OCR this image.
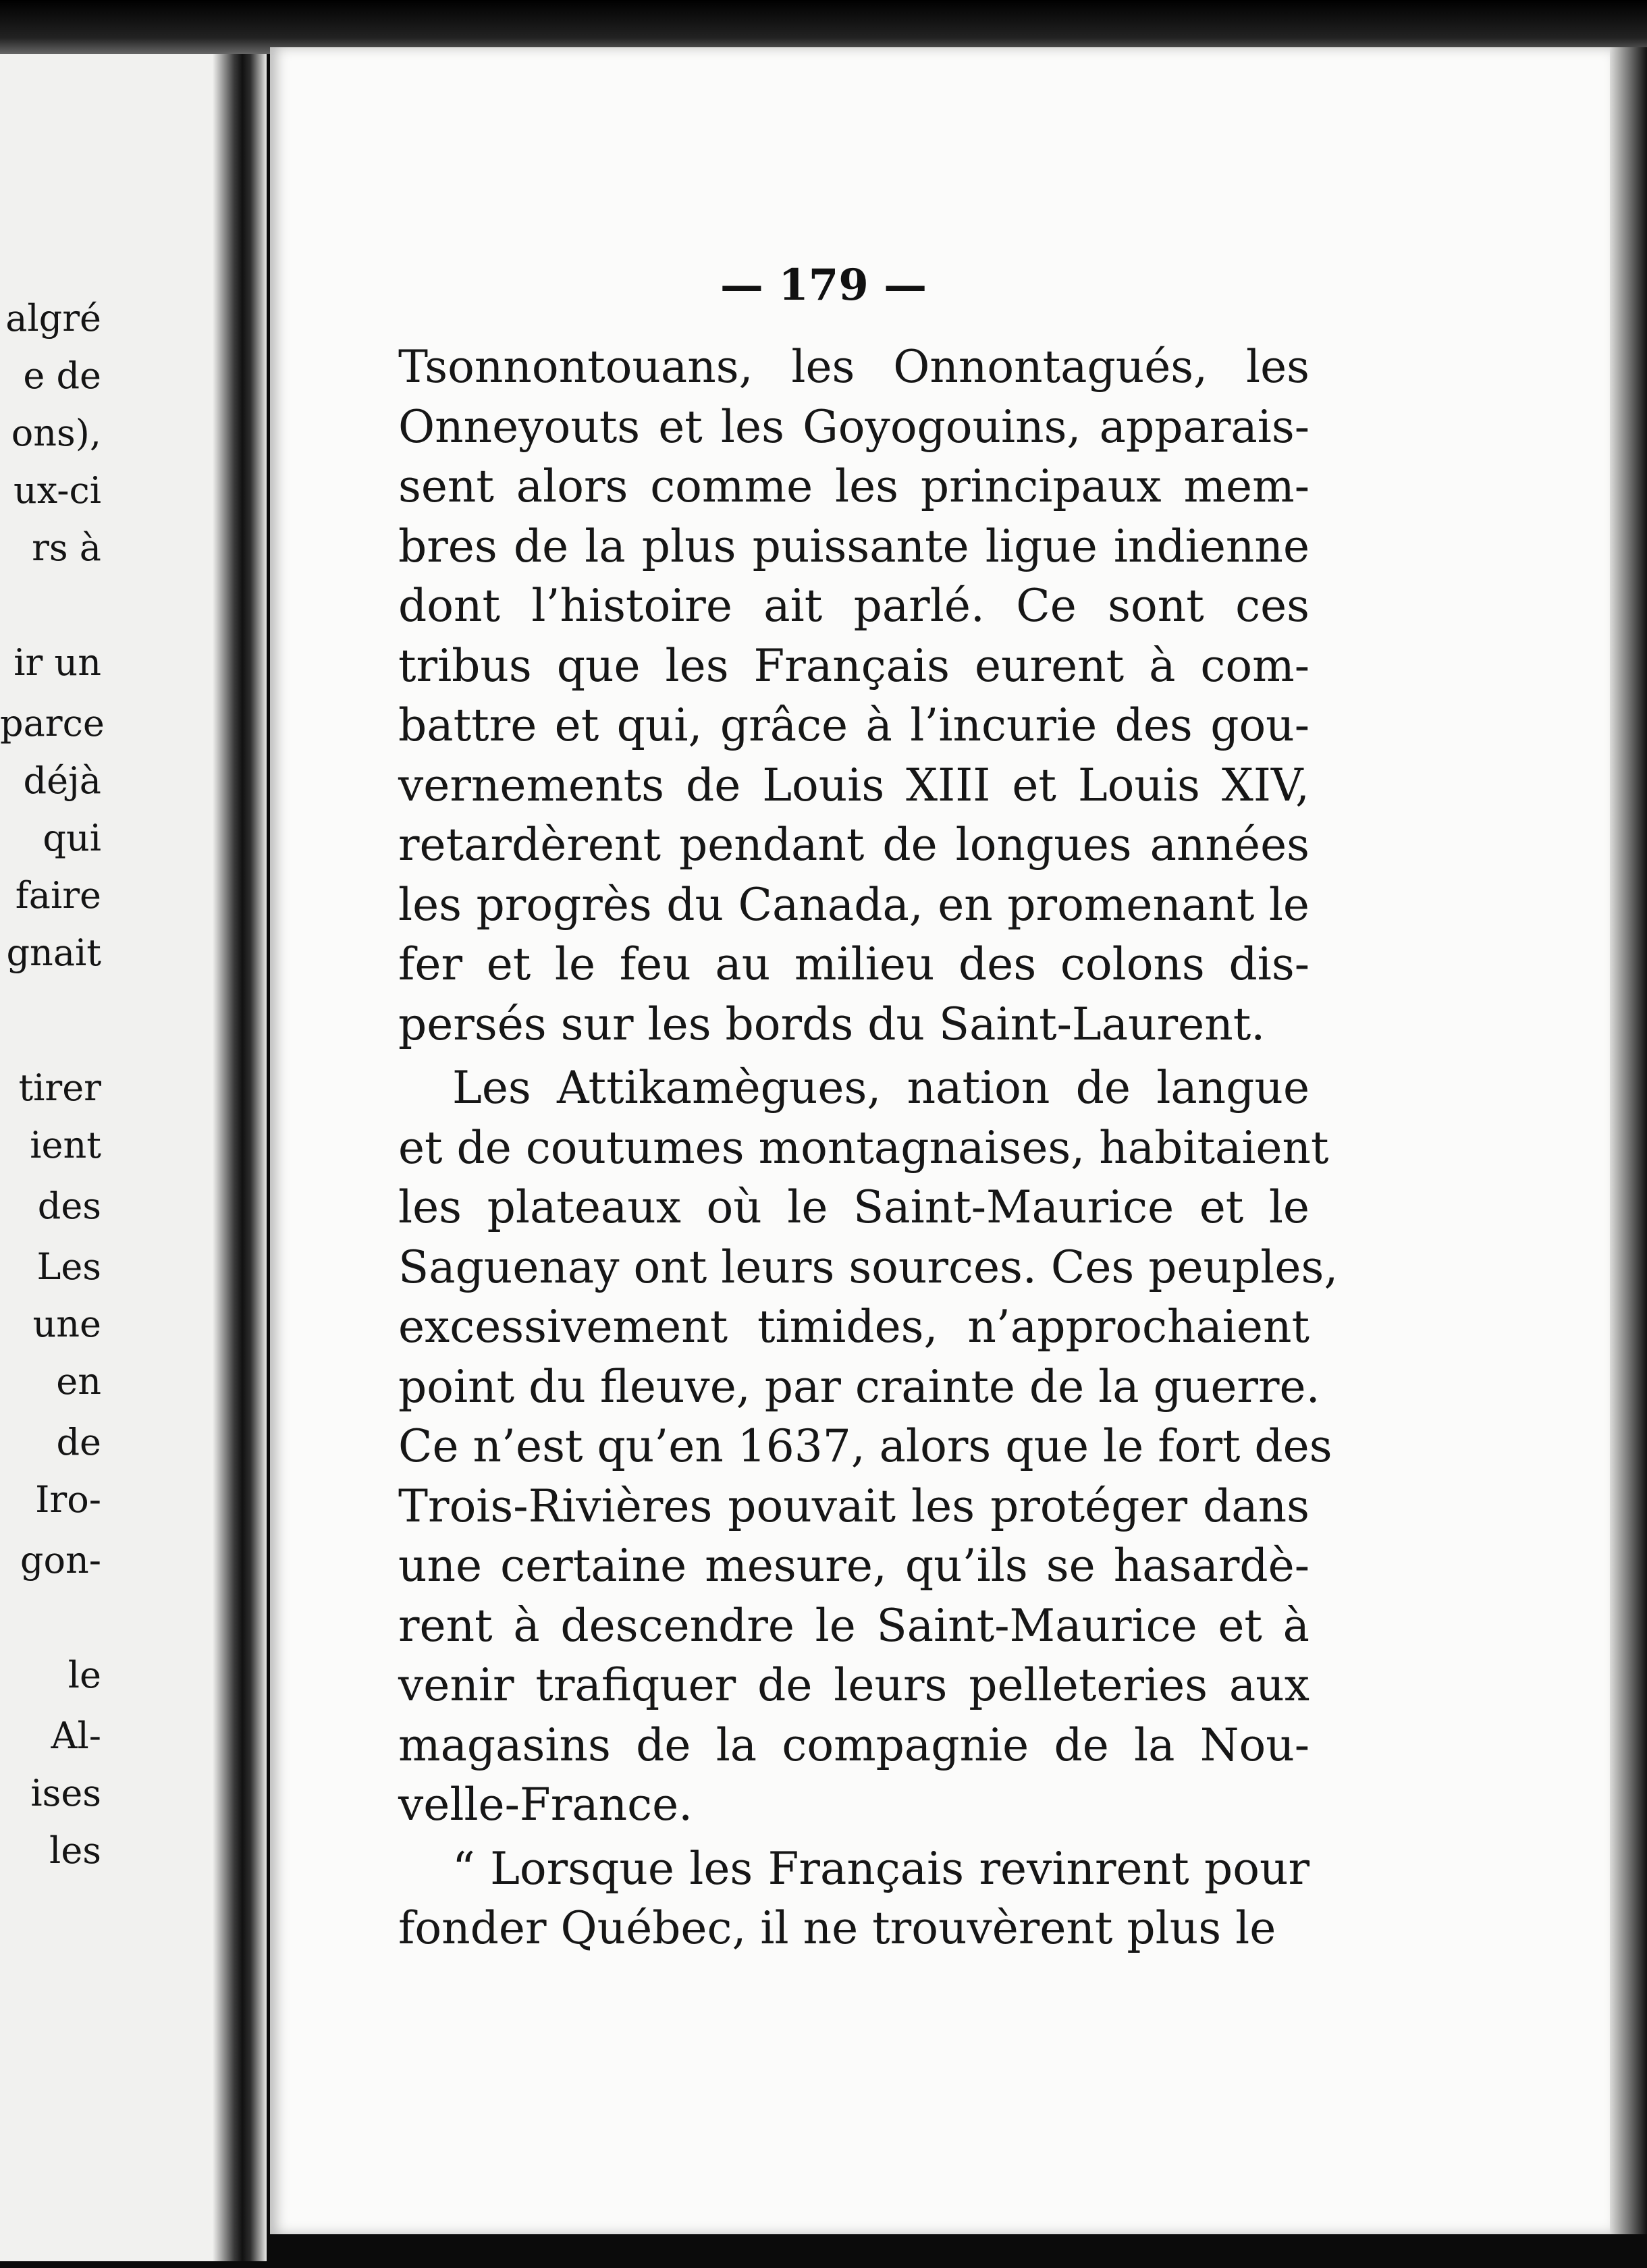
algré
e de
ons),
ux-ci
rs à
ir un
parce
déjà
qui
faire
gnait
tirer
ient
des
Les
une
en
de
Iro-
gon-
le
Al-
ises
les
— 179 —
Tsonnontouans, les Onnontagués, les
Onneyouts et les Goyogouins, apparais-
sent alors comme les principaux mem-
bres de la plus puissante ligue indienne
dont l’histoire ait parlé. Ce sont ces
tribus que les Français eurent à com-
battre et qui, grâce à l’incurie des gou-
vernements de Louis XIII et Louis XIV,
retardèrent pendant de longues années
les progrès du Canada, en promenant le
fer et le feu au milieu des colons dis-
persés sur les bords du Saint-Laurent.
Les Attikamègues, nation de langue
et de coutumes montagnaises, habitaient
les plateaux où le Saint-Maurice et le
Saguenay ont leurs sources. Ces peuples,
excessivement timides, n’approchaient
point du fleuve, par crainte de la guerre.
Ce n’est qu’en 1637, alors que le fort des
Trois-Rivières pouvait les protéger dans
une certaine mesure, qu’ils se hasardè-
rent à descendre le Saint-Maurice et à
venir trafiquer de leurs pelleteries aux
magasins de la compagnie de la Nou-
velle-France.
“ Lorsque les Français revinrent pour
fonder Québec, il ne trouvèrent plus le
